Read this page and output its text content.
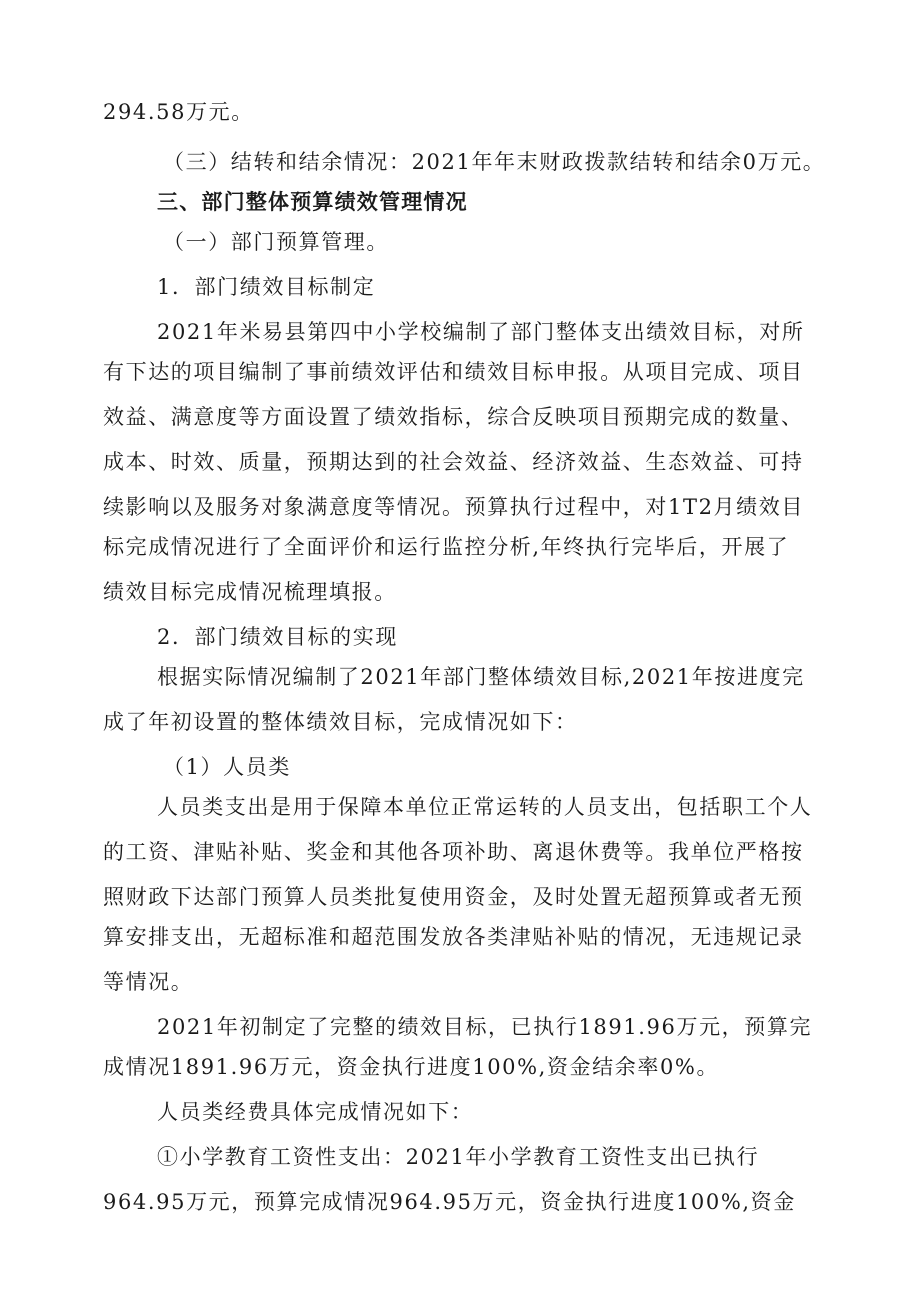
294.58万元。
（三）结转和结余情况：2021年年末财政拨款结转和结余0万元。
三、部门整体预算绩效管理情况
（一）部门预算管理。
1．部门绩效目标制定
2021年米易县第四中小学校编制了部门整体支出绩效目标，对所
有下达的项目编制了事前绩效评估和绩效目标申报。从项目完成、项目
效益、满意度等方面设置了绩效指标，综合反映项目预期完成的数量、
成本、时效、质量，预期达到的社会效益、经济效益、生态效益、可持
续影响以及服务对象满意度等情况。预算执行过程中，对1T2月绩效目
标完成情况进行了全面评价和运行监控分析,年终执行完毕后，开展了
绩效目标完成情况梳理填报。
2．部门绩效目标的实现
根据实际情况编制了2021年部门整体绩效目标,2021年按进度完
成了年初设置的整体绩效目标，完成情况如下：
（1）人员类
人员类支出是用于保障本单位正常运转的人员支出，包括职工个人
的工资、津贴补贴、奖金和其他各项补助、离退休费等。我单位严格按
照财政下达部门预算人员类批复使用资金，及时处置无超预算或者无预
算安排支出，无超标准和超范围发放各类津贴补贴的情况，无违规记录
等情况。
2021年初制定了完整的绩效目标，已执行1891.96万元，预算完
成情况1891.96万元，资金执行进度100%,资金结余率0%。
人员类经费具体完成情况如下：
①小学教育工资性支出：2021年小学教育工资性支出已执行
964.95万元，预算完成情况964.95万元，资金执行进度100%,资金
